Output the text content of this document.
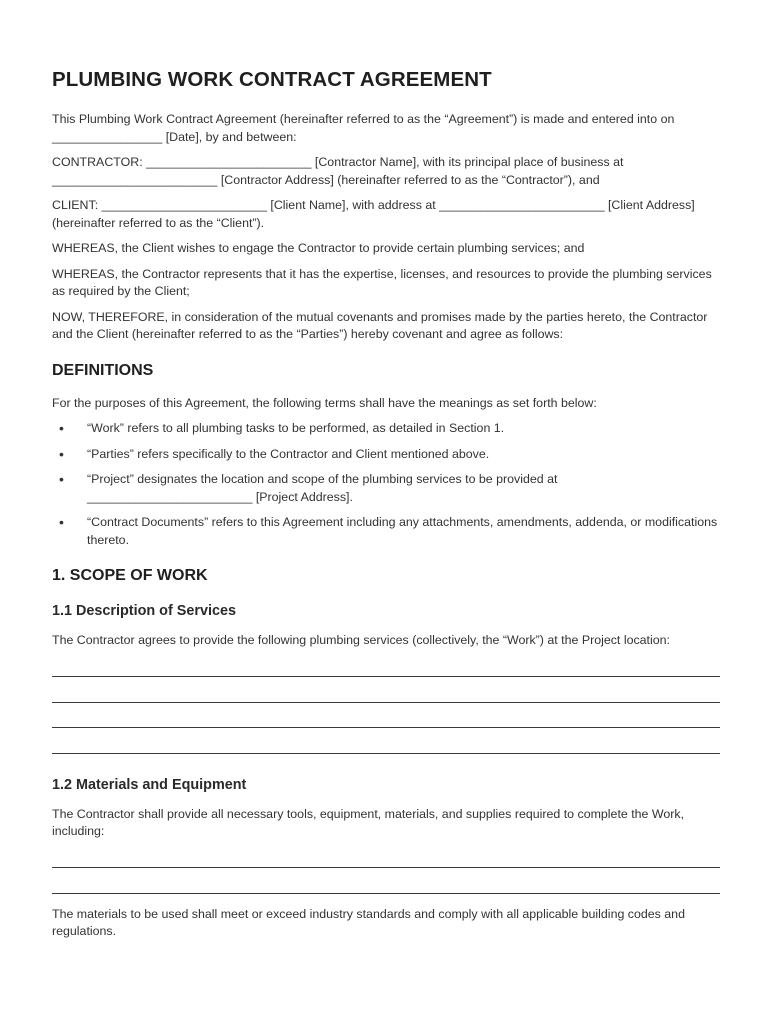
PLUMBING WORK CONTRACT AGREEMENT

This Plumbing Work Contract Agreement (hereinafter referred to as the “Agreement”) is made and entered into on ________________ [Date], by and between:

CONTRACTOR: ________________________ [Contractor Name], with its principal place of business at ________________________ [Contractor Address] (hereinafter referred to as the “Contractor”), and

CLIENT: ________________________ [Client Name], with address at ________________________ [Client Address] (hereinafter referred to as the “Client”).

WHEREAS, the Client wishes to engage the Contractor to provide certain plumbing services; and

WHEREAS, the Contractor represents that it has the expertise, licenses, and resources to provide the plumbing services as required by the Client;

NOW, THEREFORE, in consideration of the mutual covenants and promises made by the parties hereto, the Contractor and the Client (hereinafter referred to as the “Parties”) hereby covenant and agree as follows:

DEFINITIONS

For the purposes of this Agreement, the following terms shall have the meanings as set forth below:

• “Work” refers to all plumbing tasks to be performed, as detailed in Section 1.
• “Parties” refers specifically to the Contractor and Client mentioned above.
• “Project” designates the location and scope of the plumbing services to be provided at ________________________ [Project Address].
• “Contract Documents” refers to this Agreement including any attachments, amendments, addenda, or modifications thereto.
1. SCOPE OF WORK
1.1 Description of Services

The Contractor agrees to provide the following plumbing services (collectively, the “Work”) at the Project location:

1.2 Materials and Equipment

The Contractor shall provide all necessary tools, equipment, materials, and supplies required to complete the Work, including:

The materials to be used shall meet or exceed industry standards and comply with all applicable building codes and regulations.
